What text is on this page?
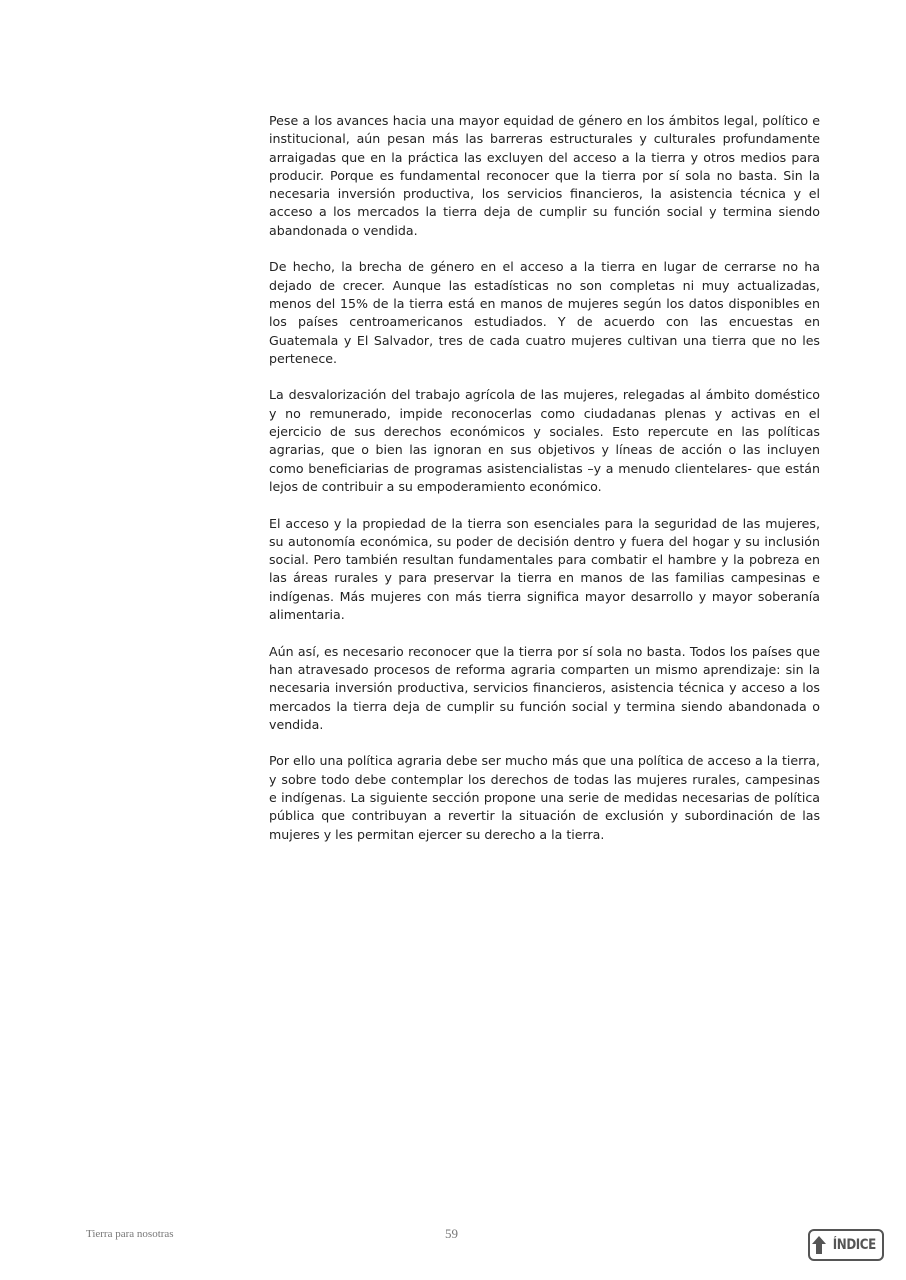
Pese a los avances hacia una mayor equidad de género en los ámbitos legal, político e institucional, aún pesan más las barreras estructurales y culturales profundamente arraigadas que en la práctica las excluyen del acceso a la tierra y otros medios para producir. Porque es fundamental reconocer que la tierra por sí sola no basta. Sin la necesaria inversión productiva, los servicios financieros, la asistencia técnica y el acceso a los mercados la tierra deja de cumplir su función social y termina siendo abandonada o vendida.

De hecho, la brecha de género en el acceso a la tierra en lugar de cerrarse no ha dejado de crecer. Aunque las estadísticas no son completas ni muy actualizadas, menos del 15% de la tierra está en manos de mujeres según los datos disponibles en los países centroamericanos estudiados. Y de acuerdo con las encuestas en Guatemala y El Salvador, tres de cada cuatro mujeres cultivan una tierra que no les pertenece.

La desvalorización del trabajo agrícola de las mujeres, relegadas al ámbito doméstico y no remunerado, impide reconocerlas como ciudadanas plenas y activas en el ejercicio de sus derechos económicos y sociales. Esto repercute en las políticas agrarias, que o bien las ignoran en sus objetivos y líneas de acción o las incluyen como beneficiarias de programas asistencialistas –y a menudo clientelares- que están lejos de contribuir a su empoderamiento económico.

El acceso y la propiedad de la tierra son esenciales para la seguridad de las mujeres, su autonomía económica, su poder de decisión dentro y fuera del hogar y su inclusión social. Pero también resultan fundamentales para combatir el hambre y la pobreza en las áreas rurales y para preservar la tierra en manos de las familias campesinas e indígenas. Más mujeres con más tierra significa mayor desarrollo y mayor soberanía alimentaria.

Aún así, es necesario reconocer que la tierra por sí sola no basta. Todos los países que han atravesado procesos de reforma agraria comparten un mismo aprendizaje: sin la necesaria inversión productiva, servicios financieros, asistencia técnica y acceso a los mercados la tierra deja de cumplir su función social y termina siendo abandonada o vendida.

Por ello una política agraria debe ser mucho más que una política de acceso a la tierra, y sobre todo debe contemplar los derechos de todas las mujeres rurales, campesinas e indígenas. La siguiente sección propone una serie de medidas necesarias de política pública que contribuyan a revertir la situación de exclusión y subordinación de las mujeres y les permitan ejercer su derecho a la tierra.

Tierra para nosotras	59
ÍNDICE
